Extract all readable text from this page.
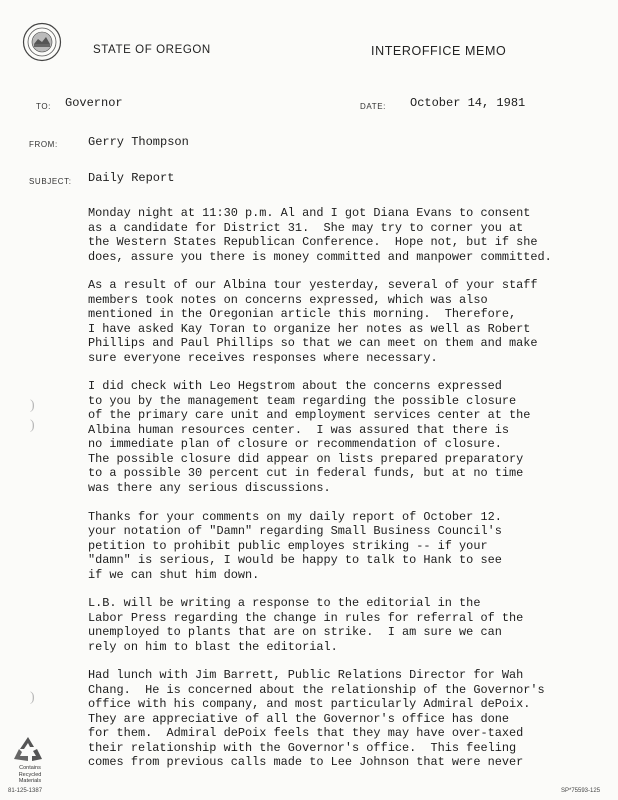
STATE OF OREGON	INTEROFFICE MEMO
TO: Governor	DATE: October 14, 1981
FROM:	Gerry Thompson
SUBJECT: Daily Report
Monday night at 11:30 p.m. Al and I got Diana Evans to consent
as a candidate for District 31.  She may try to corner you at
the Western States Republican Conference.  Hope not, but if she
does, assure you there is money committed and manpower committed.
As a result of our Albina tour yesterday, several of your staff
members took notes on concerns expressed, which was also
mentioned in the Oregonian article this morning.  Therefore,
I have asked Kay Toran to organize her notes as well as Robert
Phillips and Paul Phillips so that we can meet on them and make
sure everyone receives responses where necessary.
I did check with Leo Hegstrom about the concerns expressed
to you by the management team regarding the possible closure
of the primary care unit and employment services center at the
Albina human resources center.  I was assured that there is
no immediate plan of closure or recommendation of closure.
The possible closure did appear on lists prepared preparatory
to a possible 30 percent cut in federal funds, but at no time
was there any serious discussions.
Thanks for your comments on my daily report of October 12.
your notation of "Damn" regarding Small Business Council's
petition to prohibit public employes striking -- if your
"damn" is serious, I would be happy to talk to Hank to see
if we can shut him down.
L.B. will be writing a response to the editorial in the
Labor Press regarding the change in rules for referral of the
unemployed to plants that are on strike.  I am sure we can
rely on him to blast the editorial.
Had lunch with Jim Barrett, Public Relations Director for Wah
Chang.  He is concerned about the relationship of the Governor's
office with his company, and most particularly Admiral dePoix.
They are appreciative of all the Governor's office has done
for them.  Admiral dePoix feels that they may have over-taxed
their relationship with the Governor's office.  This feeling
comes from previous calls made to Lee Johnson that were never
)
)
)
Contains
Recycled
Materials
81-125-1387	SP*75593-125
